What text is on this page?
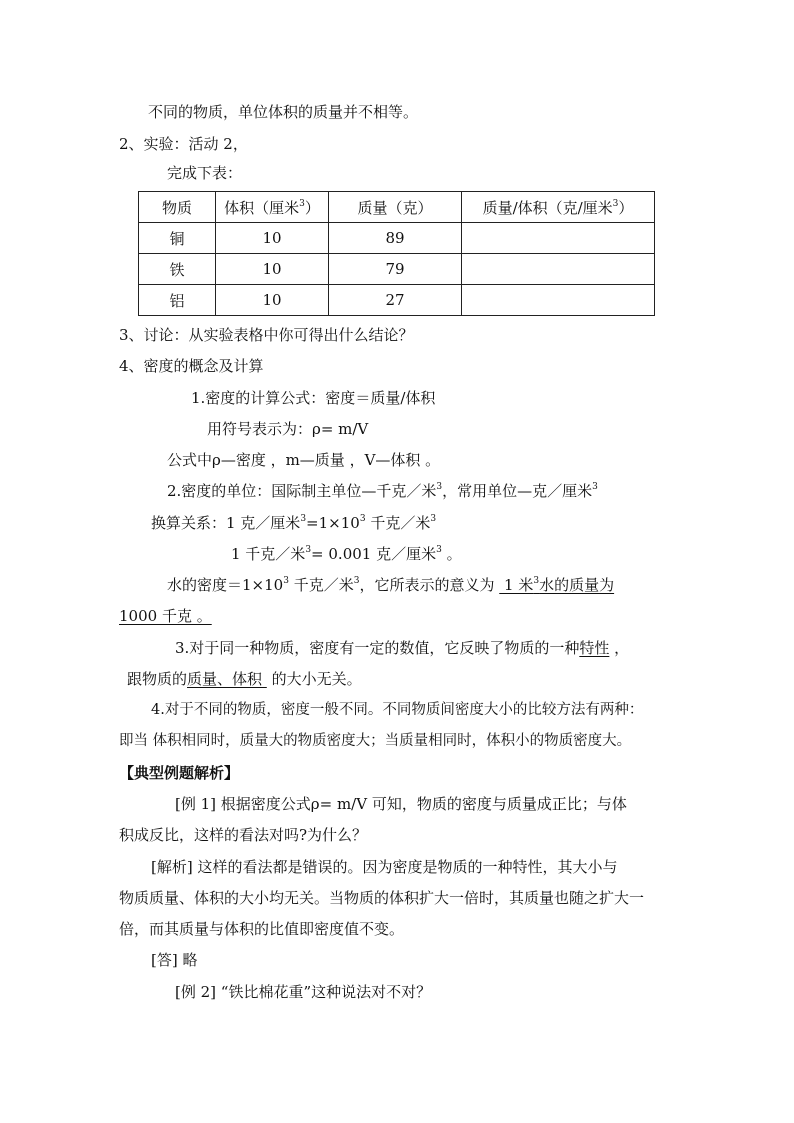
不同的物质，单位体积的质量并不相等。
2、实验：活动 2，
完成下表：
物质	体积（厘米$^3$）	质量（克）	质量/体积（克/厘米$^3$）
铜	10	89	
铁	10	79	
铝	10	27	
3、讨论：从实验表格中你可得出什么结论？
4、密度的概念及计算
1.密度的计算公式：密度＝质量/体积
用符号表示为：ρ= m/V
公式中ρ—密度 ，m—质量 ，V—体积 。
2.密度的单位：国际制主单位—千克／米$^3$，常用单位—克／厘米$^3$
换算关系：1 克／厘米$^3=1\times 10^3$ 千克／米$^3$
1 千克／米$^3$= 0.001 克／厘米$^3$ 。
水的密度$=1\times 10^3$ 千克／米$^3$，它所表示的意义为  1 米$^3$水的质量为
1000 千克 。
3.对于同一种物质，密度有一定的数值，它反映了物质的一种特性 ，
跟物质的质量、体积  的大小无关。
4.对于不同的物质，密度一般不同。不同物质间密度大小的比较方法有两种：
即当 体积相同时，质量大的物质密度大；当质量相同时，体积小的物质密度大。
【典型例题解析】
[例 1] 根据密度公式ρ= m/V 可知，物质的密度与质量成正比；与体
积成反比，这样的看法对吗?为什么？
[解析] 这样的看法都是错误的。因为密度是物质的一种特性，其大小与
物质质量、体积的大小均无关。当物质的体积扩大一倍时，其质量也随之扩大一
倍，而其质量与体积的比值即密度值不变。
[答] 略
[例 2] “铁比棉花重”这种说法对不对？
